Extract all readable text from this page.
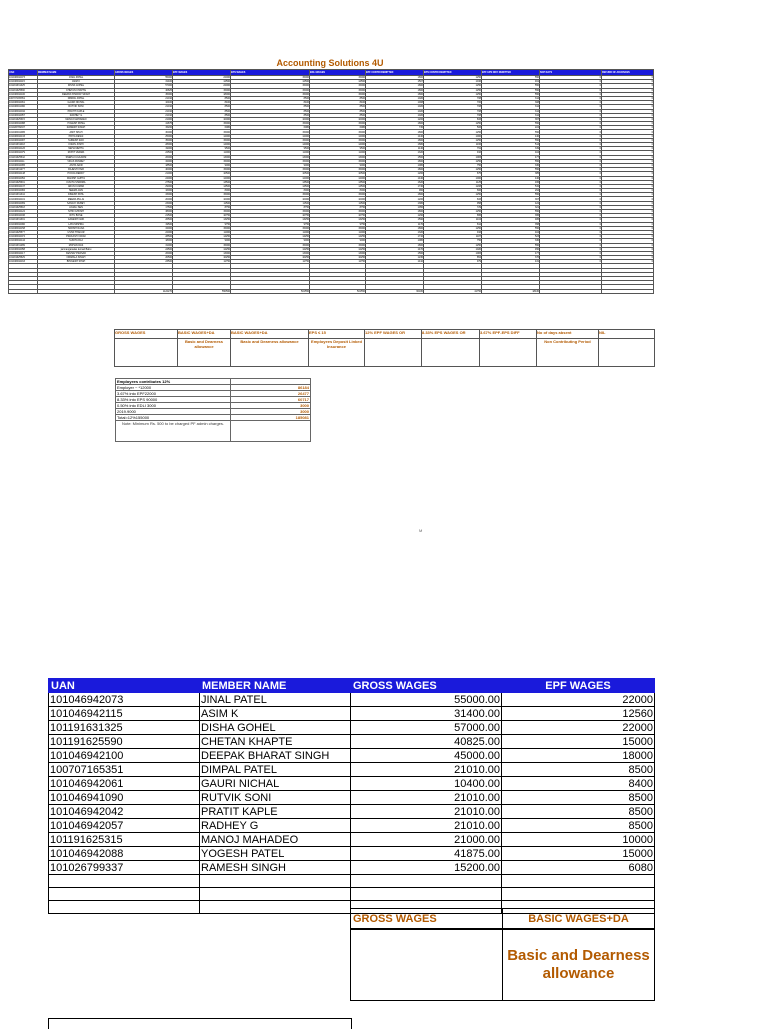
Accounting Solutions 4U
UAN	MEMBER NAME	GROSS WAGES	EPF WAGES	EPS WAGES	EDLI WAGES	EPF CONTRI REMITTED	EPS CONTRI REMITTED	EPF EPS DIFF REMITTED	NCP DAYS	REFUND OF ADVANCES
101046942073	JINAL PATEL	55000	22000	15000	15000	1800	1250	550	0	0
101046942115	ASIM K	31400	12560	12560	12560	1507	1046	461	0	0
101191631325	DISHA GOHEL	57000	22000	15000	15000	1800	1250	550	0	0
101191625590	CHETAN KHAPTE	40825	15000	15000	15000	1800	1250	550	0	0
101046942100	DEEPAK BHARAT SINGH	45000	18000	15000	15000	1800	1250	550	0	0
100707165351	DIMPAL PATEL	21010	8500	8500	8500	1020	708	312	0	0
101046942061	GAURI NICHAL	10400	8400	8400	8400	1008	700	308	0	0
101046941090	RUTVIK SONI	21010	8500	8500	8500	1020	708	312	0	0
101046942042	PRATIT KAPLE	21010	8500	8500	8500	1020	708	312	0	0
101046942057	RADHEY G	21010	8500	8500	8500	1020	708	312	0	0
101191625315	MANOJ MAHADEO	21000	10000	10000	10000	1200	833	367	0	0
101046942088	YOGESH PATEL	41875	15000	15000	15000	1800	1250	550	0	0
101026799337	RAMESH SINGH	15200	6080	6080	6080	730	506	224	0	0
101046941995	AMIT SHAH	30000	15000	15000	15000	1800	1250	550	0	0
101046942133	PRIYA DESAI	25000	12000	12000	12000	1440	1000	440	0	0
101046942097	SURESH RAO	35000	15000	15000	15000	1800	1250	550	0	0
101191631018	KIRAN JOSHI	28000	14000	14000	14000	1680	1166	514	0	0
101046942126	NEHA MEHTA	19000	9500	9500	9500	1140	791	349	0	0
101046942079	ROHIT VERMA	22500	11000	11000	11000	1320	916	404	0	0
101191625542	SNEHA KULKARNI	26000	13000	13000	13000	1560	1083	477	0	0
101046942111	VIKAS PANDEY	32000	15000	15000	15000	1800	1250	550	0	0
101046942065	ANITA NAIR	18500	9000	9000	9000	1080	750	330	0	0
101191631277	RAJESH IYER	40000	15000	15000	15000	1800	1250	550	0	0
101046942148	POOJA REDDY	21000	10500	10500	10500	1260	875	385	0	0
101046942052	MANISH GUPTA	24000	12000	12000	12000	1440	1000	440	0	0
101191625601	KAVITA SHARMA	27500	13500	13500	13500	1620	1125	495	0	0
101046942137	ARUN KUMAR	29000	14500	14500	14500	1740	1208	532	0	0
101046942084	SEEMA JAIN	16000	8000	8000	8000	960	666	294	0	0
101191631344	DINESH PATIL	33000	15000	15000	15000	1800	1250	550	0	0
101046942101	MEERA PILLAI	20000	10000	10000	10000	1200	833	367	0	0
101046942069	SANJAY DUBEY	23000	11500	11500	11500	1380	958	422	0	0
101191625518	ANJALI SEN	17500	8750	8750	8750	1050	729	321	0	0
101046942122	NITIN GHOSH	38000	15000	15000	15000	1800	1250	550	0	0
101046942046	RITU BOSE	21500	10750	10750	10750	1290	895	395	0	0
101191631301	GANESH NAIK	26500	13250	13250	13250	1590	1104	486	0	0
101046942090	LATA MISHRA	19500	9750	9750	9750	1170	812	358	0	0
101046942158	HARISH RANA	34000	15000	15000	15000	1800	1250	550	0	0
101191625577	USHA THAKUR	22000	11000	11000	11000	1320	916	404	0	0
101046942074	PRAKASH YADAV	28500	14250	14250	14250	1710	1187	523	0	0
101046942144	SUNITA RAJ	18000	9000	9000	9000	1080	750	330	0	0
101191631289	MOHAN DAS	31000	15000	15000	15000	1800	1250	550	0	0
101046942058	jamnangaradas kumari Babu	24500	12250	12250	12250	1470	1020	450	0	0
101046942117	KESHAV PRASAD	26000	13000	13000	13000	1560	1083	477	0	0
101191625529	NIRMALA SINGH	20500	10250	10250	10250	1230	854	376	0	0
101046942163	BHAVESH SHAH	23500	11750	11750	11750	1410	979	431	0	0

		1122270	550560	501550	501550	60180	41750	18430		
GROSS WAGES	BASIC WAGES+DA	BASIC WAGES+DA	EPS ≤ 15	12% EPF WAGES OR	8.33% EPS WAGES OR	3.67% EPF-EPS DIFF	No of days absent	NIL
	Basic and Dearness allowance	Basic and Dearness allowance	Employees Deposit Linked Insurance				Non Contributing Period	
Employees contributes 12%	
Employer ~ *12000	86184
3.67% into EPF22000	26477
8.33% into EPS 90000	60717
0.50% into EDLI 3000	3000
2019.9000	3000
Total=12%155000	185081
Note: Minimum Rs. 500 to be charged PF admin charges.	
M
UAN	MEMBER NAME	GROSS WAGES	EPF WAGES
101046942073	JINAL PATEL	55000.00	22000
101046942115	ASIM K	31400.00	12560
101191631325	DISHA GOHEL	57000.00	22000
101191625590	CHETAN KHAPTE	40825.00	15000
101046942100	DEEPAK BHARAT SINGH	45000.00	18000
100707165351	DIMPAL PATEL	21010.00	8500
101046942061	GAURI NICHAL	10400.00	8400
101046941090	RUTVIK SONI	21010.00	8500
101046942042	PRATIT KAPLE	21010.00	8500
101046942057	RADHEY G	21010.00	8500
101191625315	MANOJ MAHADEO	21000.00	10000
101046942088	YOGESH PATEL	41875.00	15000
101026799337	RAMESH SINGH	15200.00	6080

GROSS WAGES	BASIC WAGES+DA
	Basic and Dearness allowance
